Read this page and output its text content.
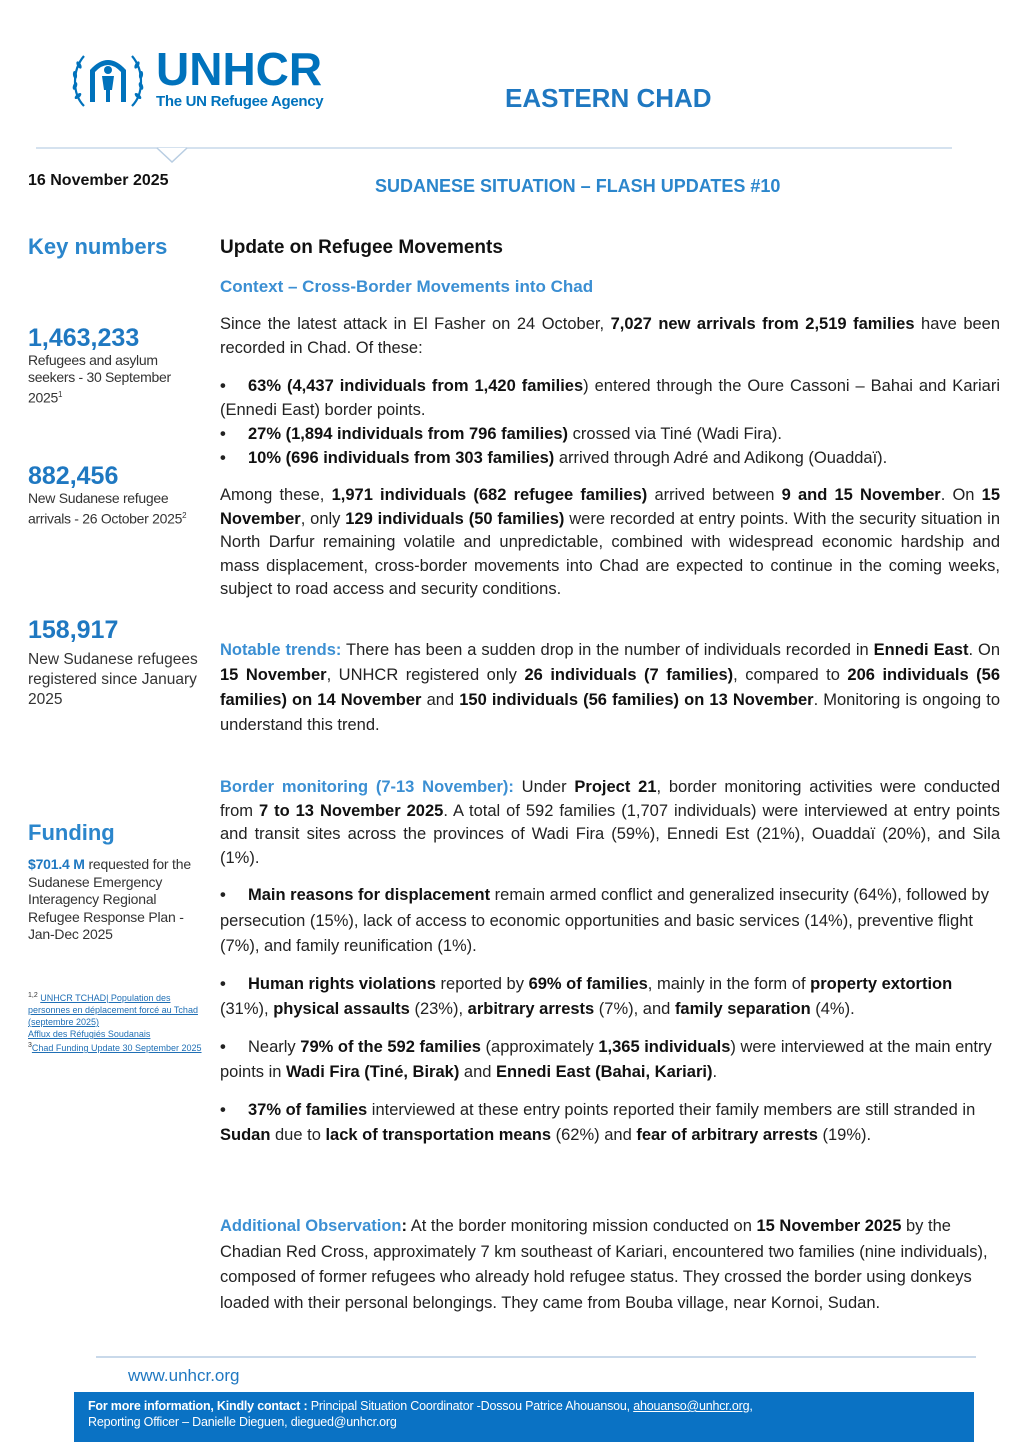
UNHCR
The UN Refugee Agency	EASTERN CHAD
16 November 2025	SUDANESE SITUATION – FLASH UPDATES #10
Key numbers
1,463,233
Refugees and asylum seekers - 30 September 2025$^1$
882,456
New Sudanese refugee arrivals - 26 October 2025$^2$
158,917
New Sudanese refugees registered since January 2025
Funding
$701.4 M requested for the Sudanese Emergency Interagency Regional Refugee Response Plan - Jan-Dec 2025
$^{1,2}$ UNHCR TCHAD| Population des personnes en déplacement forcé au Tchad (septembre 2025)
Afflux des Réfugiés Soudanais
$^3$Chad Funding Update 30 September 2025
Update on Refugee Movements
Context – Cross-Border Movements into Chad

Since the latest attack in El Fasher on 24 October, 7,027 new arrivals from 2,519 families have been recorded in Chad. Of these:

• 63% (4,437 individuals from 1,420 families) entered through the Oure Cassoni – Bahai and Kariari (Ennedi East) border points.
• 27% (1,894 individuals from 796 families) crossed via Tiné (Wadi Fira).
• 10% (696 individuals from 303 families) arrived through Adré and Adikong (Ouaddaï).

Among these, 1,971 individuals (682 refugee families) arrived between 9 and 15 November. On 15 November, only 129 individuals (50 families) were recorded at entry points. With the security situation in North Darfur remaining volatile and unpredictable, combined with widespread economic hardship and mass displacement, cross-border movements into Chad are expected to continue in the coming weeks, subject to road access and security conditions.

Notable trends: There has been a sudden drop in the number of individuals recorded in Ennedi East. On 15 November, UNHCR registered only 26 individuals (7 families), compared to 206 individuals (56 families) on 14 November and 150 individuals (56 families) on 13 November. Monitoring is ongoing to understand this trend.

Border monitoring (7-13 November): Under Project 21, border monitoring activities were conducted from 7 to 13 November 2025. A total of 592 families (1,707 individuals) were interviewed at entry points and transit sites across the provinces of Wadi Fira (59%), Ennedi Est (21%), Ouaddaï (20%), and Sila (1%).

• Main reasons for displacement remain armed conflict and generalized insecurity (64%), followed by persecution (15%), lack of access to economic opportunities and basic services (14%), preventive flight (7%), and family reunification (1%).

• Human rights violations reported by 69% of families, mainly in the form of property extortion (31%), physical assaults (23%), arbitrary arrests (7%), and family separation (4%).

• Nearly 79% of the 592 families (approximately 1,365 individuals) were interviewed at the main entry points in Wadi Fira (Tiné, Birak) and Ennedi East (Bahai, Kariari).

• 37% of families interviewed at these entry points reported their family members are still stranded in Sudan due to lack of transportation means (62%) and fear of arbitrary arrests (19%).

Additional Observation: At the border monitoring mission conducted on 15 November 2025 by the Chadian Red Cross, approximately 7 km southeast of Kariari, encountered two families (nine individuals), composed of former refugees who already hold refugee status. They crossed the border using donkeys loaded with their personal belongings. They came from Bouba village, near Kornoi, Sudan.

www.unhcr.org
For more information, Kindly contact : Principal Situation Coordinator -Dossou Patrice Ahouansou, ahouanso@unhcr.org,
Reporting Officer – Danielle Dieguen, diegued@unhcr.org
